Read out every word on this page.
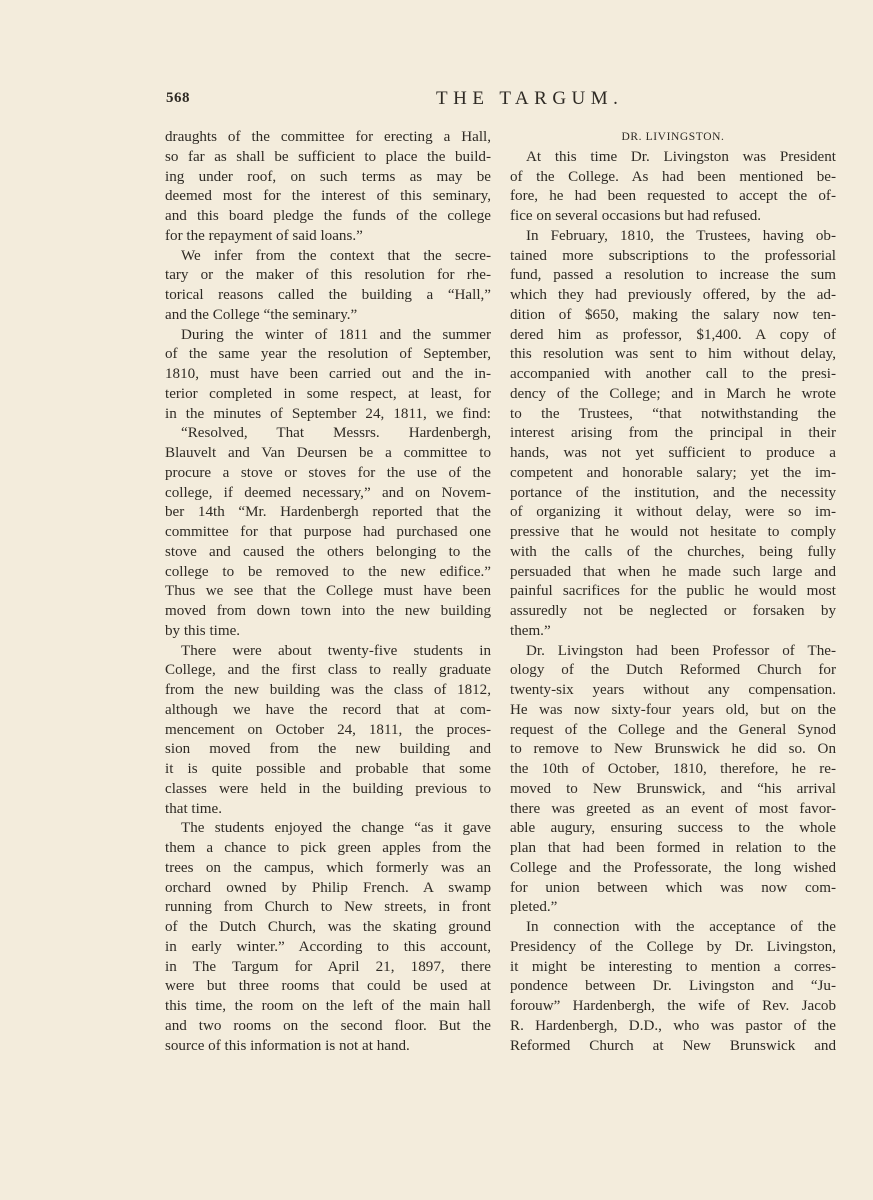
568	THE TARGUM.
draughts of the committee for erecting a Hall,
so far as shall be sufficient to place the build-
ing under roof, on such terms as may be
deemed most for the interest of this seminary,
and this board pledge the funds of the college
for the repayment of said loans.”
We infer from the context that the secre-
tary or the maker of this resolution for rhe-
torical reasons called the building a “Hall,”
and the College “the seminary.”
During the winter of 1811 and the summer
of the same year the resolution of September,
1810, must have been carried out and the in-
terior completed in some respect, at least, for
in the minutes of September 24, 1811, we find:
“Resolved, That Messrs. Hardenbergh,
Blauvelt and Van Deursen be a committee to
procure a stove or stoves for the use of the
college, if deemed necessary,” and on Novem-
ber 14th “Mr. Hardenbergh reported that the
committee for that purpose had purchased one
stove and caused the others belonging to the
college to be removed to the new edifice.”
Thus we see that the College must have been
moved from down town into the new building
by this time.
There were about twenty-five students in
College, and the first class to really graduate
from the new building was the class of 1812,
although we have the record that at com-
mencement on October 24, 1811, the proces-
sion moved from the new building and
it is quite possible and probable that some
classes were held in the building previous to
that time.
The students enjoyed the change “as it gave
them a chance to pick green apples from the
trees on the campus, which formerly was an
orchard owned by Philip French. A swamp
running from Church to New streets, in front
of the Dutch Church, was the skating ground
in early winter.” According to this account,
in The Targum for April 21, 1897, there
were but three rooms that could be used at
this time, the room on the left of the main hall
and two rooms on the second floor. But the
source of this information is not at hand.
DR. LIVINGSTON.
At this time Dr. Livingston was President
of the College. As had been mentioned be-
fore, he had been requested to accept the of-
fice on several occasions but had refused.
In February, 1810, the Trustees, having ob-
tained more subscriptions to the professorial
fund, passed a resolution to increase the sum
which they had previously offered, by the ad-
dition of $650, making the salary now ten-
dered him as professor, $1,400. A copy of
this resolution was sent to him without delay,
accompanied with another call to the presi-
dency of the College; and in March he wrote
to the Trustees, “that notwithstanding the
interest arising from the principal in their
hands, was not yet sufficient to produce a
competent and honorable salary; yet the im-
portance of the institution, and the necessity
of organizing it without delay, were so im-
pressive that he would not hesitate to comply
with the calls of the churches, being fully
persuaded that when he made such large and
painful sacrifices for the public he would most
assuredly not be neglected or forsaken by
them.”
Dr. Livingston had been Professor of The-
ology of the Dutch Reformed Church for
twenty-six years without any compensation.
He was now sixty-four years old, but on the
request of the College and the General Synod
to remove to New Brunswick he did so. On
the 10th of October, 1810, therefore, he re-
moved to New Brunswick, and “his arrival
there was greeted as an event of most favor-
able augury, ensuring success to the whole
plan that had been formed in relation to the
College and the Professorate, the long wished
for union between which was now com-
pleted.”
In connection with the acceptance of the
Presidency of the College by Dr. Livingston,
it might be interesting to mention a corres-
pondence between Dr. Livingston and “Ju-
forouw” Hardenbergh, the wife of Rev. Jacob
R. Hardenbergh, D.D., who was pastor of the
Reformed Church at New Brunswick and
